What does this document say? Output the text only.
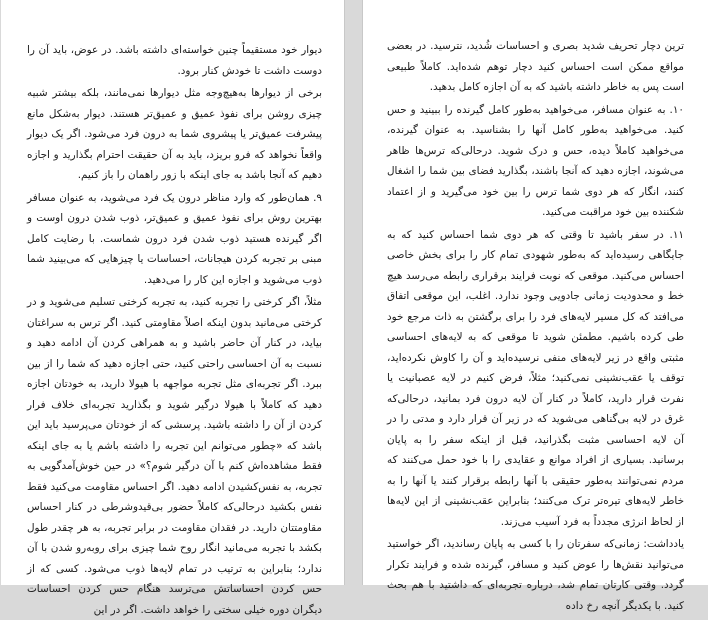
دیوار خود مستقیماً چنین خواسته‌ای داشته باشد. در عوض، باید آن را دوست داشت تا خودش کنار برود.

برخی از دیوارها به‌هیچ‌وجه مثل دیوارها نمی‌مانند، بلکه بیشتر شبیه چیزی روشن برای نفوذ عمیق و عمیق‌تر هستند. دیوار به‌شکل مانع پیشرفت عمیق‌تر یا پیشروی شما به درون فرد می‌شود. اگر یک دیوار واقعاً نخواهد که فرو بریزد، باید به آن حقیقت احترام بگذارید و اجازه دهیم که آنجا باشد به جای اینکه با زور راهمان را باز کنیم.

۹. همان‌طور که وارد مناظر درون یک فرد می‌شوید، به عنوان مسافر بهترین روش برای نفوذ عمیق و عمیق‌تر، ذوب شدن درون اوست و اگر گیرنده هستید ذوب شدن فرد درون شماست. با رضایت کامل مبنی بر تجربه کردن هیجانات، احساسات یا چیزهایی که می‌بینید شما ذوب می‌شوید و اجازه این کار را می‌دهید.

مثلاً، اگر کرختی را تجربه کنید، به تجربه کرختی تسلیم می‌شوید و در کرختی می‌مانید بدون اینکه اصلاً مقاومتی کنید. اگر ترس به سراغتان بیاید، در کنار آن حاضر باشید و به همراهی کردن آن ادامه دهید و نسبت به آن احساسی راحتی کنید، حتی اجازه دهید که شما را از بین ببرد. اگر تجربه‌ای مثل تجربه مواجهه با هیولا دارید، به خودتان اجازه دهید که کاملاً با هیولا درگیر شوید و بگذارید تجربه‌ای خلاف فرار کردن از آن را داشته باشید. پرسشی که از خودتان می‌پرسید باید این باشد که «چطور می‌توانم این تجربه را داشته باشم یا به جای اینکه فقط مشاهده‌اش کنم با آن درگیر شوم؟» در حین خوش‌آمدگویی به تجربه، به نفس‌کشیدن ادامه دهید. اگر احساس مقاومت می‌کنید فقط نفس بکشید درحالی‌که کاملاً حضور بی‌قیدوشرطی در کنار احساس مقاومتتان دارید. در فقدان مقاومت در برابر تجربه، به هر چقدر طول بکشد با تجربه می‌مانید انگار روح شما چیزی برای روبه‌رو شدن با آن ندارد؛ بنابراین به ترتیب در تمام لایه‌ها ذوب می‌شود. کسی که از حس کردن احساساتش می‌ترسد هنگام حس کردن احساسات دیگران دوره خیلی سختی را خواهد داشت. اگر در این

ترین دچار تحریف شدید بصری و احساسات شُدید، نترسید. در بعضی مواقع ممکن است احساس کنید دچار توهم شده‌اید. کاملاً طبیعی است پس به خاطر داشته باشید که به آن اجازه کامل بدهید.

۱۰. به عنوان مسافر، می‌خواهید به‌طور کامل گیرنده را ببینید و حس کنید. می‌خواهید به‌طور کامل آنها را بشناسید. به عنوان گیرنده، می‌خواهید کاملاً دیده، حس و درک شوید. درحالی‌که ترس‌ها ظاهر می‌شوند، اجازه دهید که آنجا باشند، بگذارید فضای بین شما را اشغال کنند، انگار که هر دوی شما ترس را بین خود می‌گیرید و از اعتماد شکننده بین خود مراقبت می‌کنید.

۱۱. در سفر باشید تا وقتی که هر دوی شما احساس کنید که به جایگاهی رسیده‌اید که به‌طور شهودی تمام کار را برای بخش خاصی احساس می‌کنید. موقعی که نوبت فرایند برقراری رابطه می‌رسد هیچ خط و محدودیت زمانی جادویی وجود ندارد. اغلب، این موقعی اتفاق می‌افتد که کل مسیر لایه‌های فرد را برای برگشتن به ذات مرجع خود طی کرده باشیم. مطمئن شوید تا موقعی که به لایه‌های احساسی مثبتی واقع در زیر لایه‌های منفی نرسیده‌اید و آن را کاوش نکرده‌اید، توقف یا عقب‌نشینی نمی‌کنید؛ مثلاً، فرض کنیم در لایه عصبانیت یا نفرت قرار دارید، کاملاً در کنار آن لایه درون فرد بمانید، درحالی‌که غرق در لایه بی‌گناهی می‌شوید که در زیر آن قرار دارد و مدتی را در آن لایه احساسی مثبت بگذرانید، قبل از اینکه سفر را به پایان برسانید. بسیاری از افراد موانع و عقایدی را با خود حمل می‌کنند که مردم نمی‌توانند به‌طور حقیقی با آنها رابطه برقرار کنند یا آنها را به خاطر لایه‌های تیره‌تر ترک می‌کنند؛ بنابراین عقب‌نشینی از این لایه‌ها از لحاظ انرژی مجدداً به فرد آسیب می‌زند.

یادداشت: زمانی‌که سفرتان را با کسی به پایان رساندید، اگر خواستید می‌توانید نقش‌ها را عوض کنید و مسافر، گیرنده شده و فرایند تکرار گردد. وقتی کارتان تمام شد، درباره تجربه‌ای که داشتید با هم بحث کنید. با یکدیگر آنچه رخ داده
